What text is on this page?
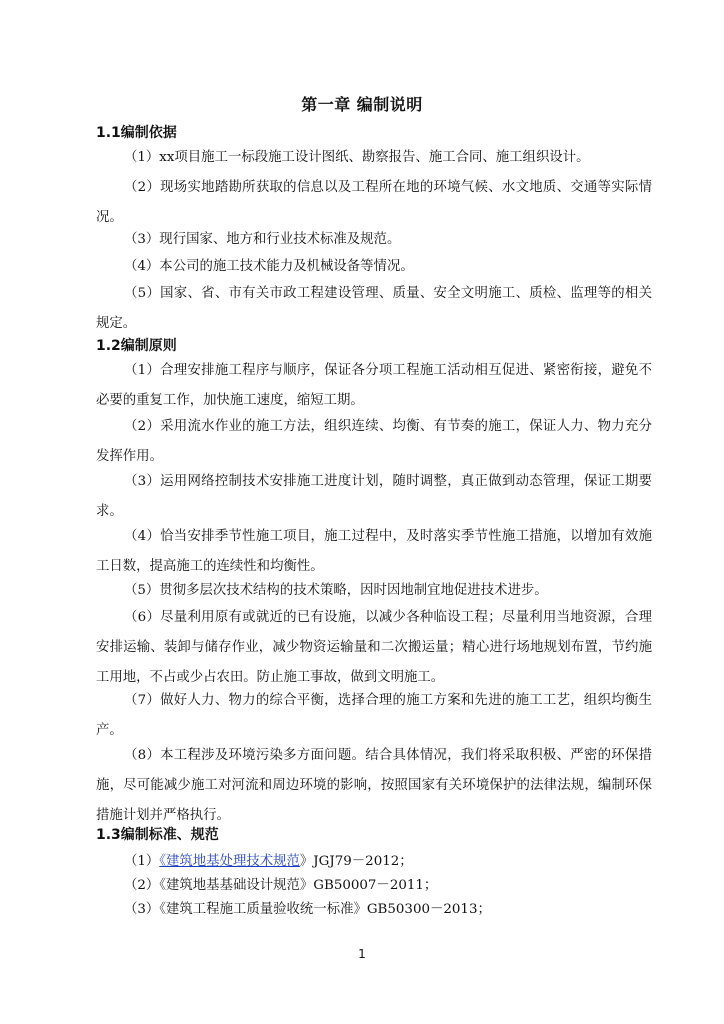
第一章 编制说明
1.1编制依据
（1）xx项目施工一标段施工设计图纸、勘察报告、施工合同、施工组织设计。
（2）现场实地踏勘所获取的信息以及工程所在地的环境气候、水文地质、交通等实际情况。
（3）现行国家、地方和行业技术标准及规范。
（4）本公司的施工技术能力及机械设备等情况。
（5）国家、省、市有关市政工程建设管理、质量、安全文明施工、质检、监理等的相关规定。
1.2编制原则
（1）合理安排施工程序与顺序，保证各分项工程施工活动相互促进、紧密衔接，避免不必要的重复工作，加快施工速度，缩短工期。
（2）采用流水作业的施工方法，组织连续、均衡、有节奏的施工，保证人力、物力充分发挥作用。
（3）运用网络控制技术安排施工进度计划，随时调整，真正做到动态管理，保证工期要求。
（4）恰当安排季节性施工项目，施工过程中，及时落实季节性施工措施，以增加有效施工日数，提高施工的连续性和均衡性。
（5）贯彻多层次技术结构的技术策略，因时因地制宜地促进技术进步。
（6）尽量利用原有或就近的已有设施，以减少各种临设工程；尽量利用当地资源，合理安排运输、装卸与储存作业，减少物资运输量和二次搬运量；精心进行场地规划布置，节约施工用地，不占或少占农田。防止施工事故，做到文明施工。
（7）做好人力、物力的综合平衡，选择合理的施工方案和先进的施工工艺，组织均衡生产。
（8）本工程涉及环境污染多方面问题。结合具体情况，我们将采取积极、严密的环保措施，尽可能减少施工对河流和周边环境的影响，按照国家有关环境保护的法律法规，编制环保措施计划并严格执行。
1.3编制标准、规范
（1）《建筑地基处理技术规范》JGJ79－2012；
（2）《建筑地基基础设计规范》GB50007－2011；
（3）《建筑工程施工质量验收统一标准》GB50300－2013；
1
